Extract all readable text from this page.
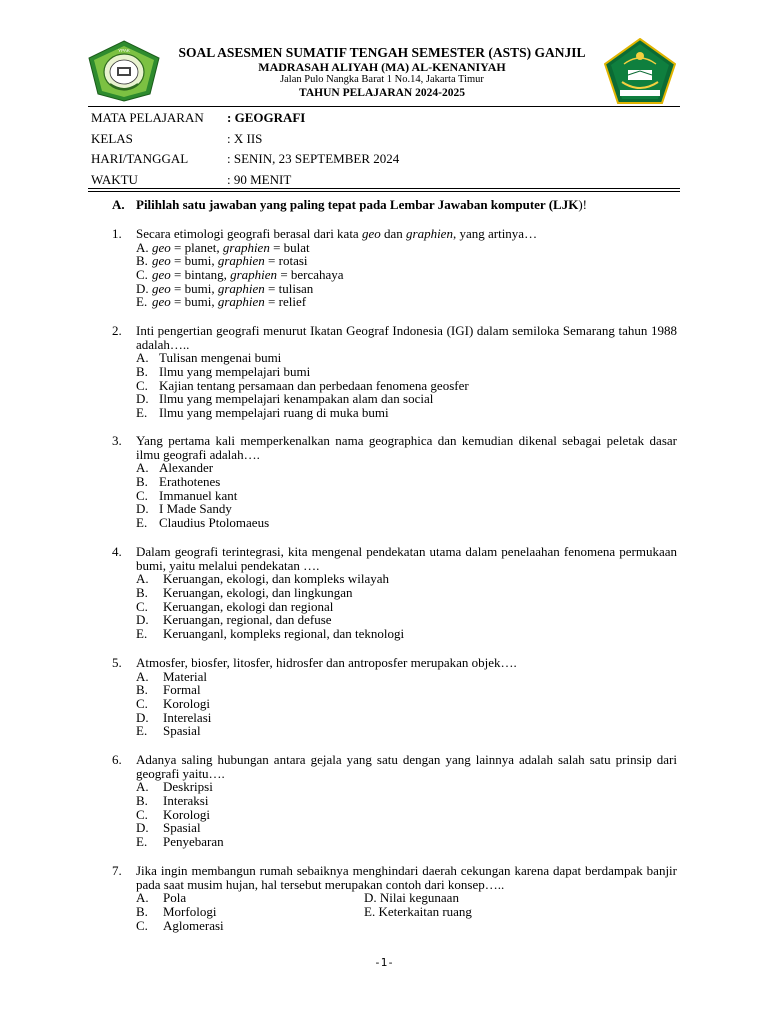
YPAK	SOAL ASESMEN SUMATIF TENGAH SEMESTER (ASTS) GANJIL
MADRASAH ALIYAH (MA) AL-KENANIYAH
Jalan Pulo Nangka Barat 1 No.14, Jakarta Timur
TAHUN PELAJARAN 2024-2025
MATA PELAJARAN : GEOGRAFI
KELAS	: X IIS
HARI/TANGGAL	: SENIN, 23 SEPTEMBER 2024
WAKTU	: 90 MENIT
A. Pilihlah satu jawaban yang paling tepat pada Lembar Jawaban komputer (LJK)!
1. Secara etimologi geografi berasal dari kata geo dan graphien, yang artinya…
A. geo = planet, graphien = bulat
B. geo = bumi, graphien = rotasi
C. geo = bintang, graphien = bercahaya
D. geo = bumi, graphien = tulisan
E. geo = bumi, graphien = relief
2. Inti pengertian geografi menurut Ikatan Geograf Indonesia (IGI) dalam semiloka Semarang tahun 1988 adalah…..
A. Tulisan mengenai bumi
B. Ilmu yang mempelajari bumi
C. Kajian tentang persamaan dan perbedaan fenomena geosfer
D. Ilmu yang mempelajari kenampakan alam dan social
E. Ilmu yang mempelajari ruang di muka bumi
3. Yang pertama kali memperkenalkan nama geographica dan kemudian dikenal sebagai peletak dasar ilmu geografi adalah….
A. Alexander
B. Erathotenes
C. Immanuel kant
D. I Made Sandy
E. Claudius Ptolomaeus
4. Dalam geografi terintegrasi, kita mengenal pendekatan utama dalam penelaahan fenomena permukaan bumi, yaitu melalui pendekatan ….
A. Keruangan, ekologi, dan kompleks wilayah
B. Keruangan, ekologi, dan lingkungan
C. Keruangan, ekologi dan regional
D. Keruangan, regional, dan defuse
E. Keruanganl, kompleks regional, dan teknologi
5. Atmosfer, biosfer, litosfer, hidrosfer dan antroposfer merupakan objek….
A. Material
B. Formal
C. Korologi
D. Interelasi
E. Spasial
6. Adanya saling hubungan antara gejala yang satu dengan yang lainnya adalah salah satu prinsip dari geografi yaitu….
A. Deskripsi
B. Interaksi
C. Korologi
D. Spasial
E. Penyebaran
7. Jika ingin membangun rumah sebaiknya menghindari daerah cekungan karena dapat berdampak banjir pada saat musim hujan, hal tersebut merupakan contoh dari konsep…..
A. Pola	D. Nilai kegunaan
B. Morfologi	E. Keterkaitan ruang
C. Aglomerasi
-1-
